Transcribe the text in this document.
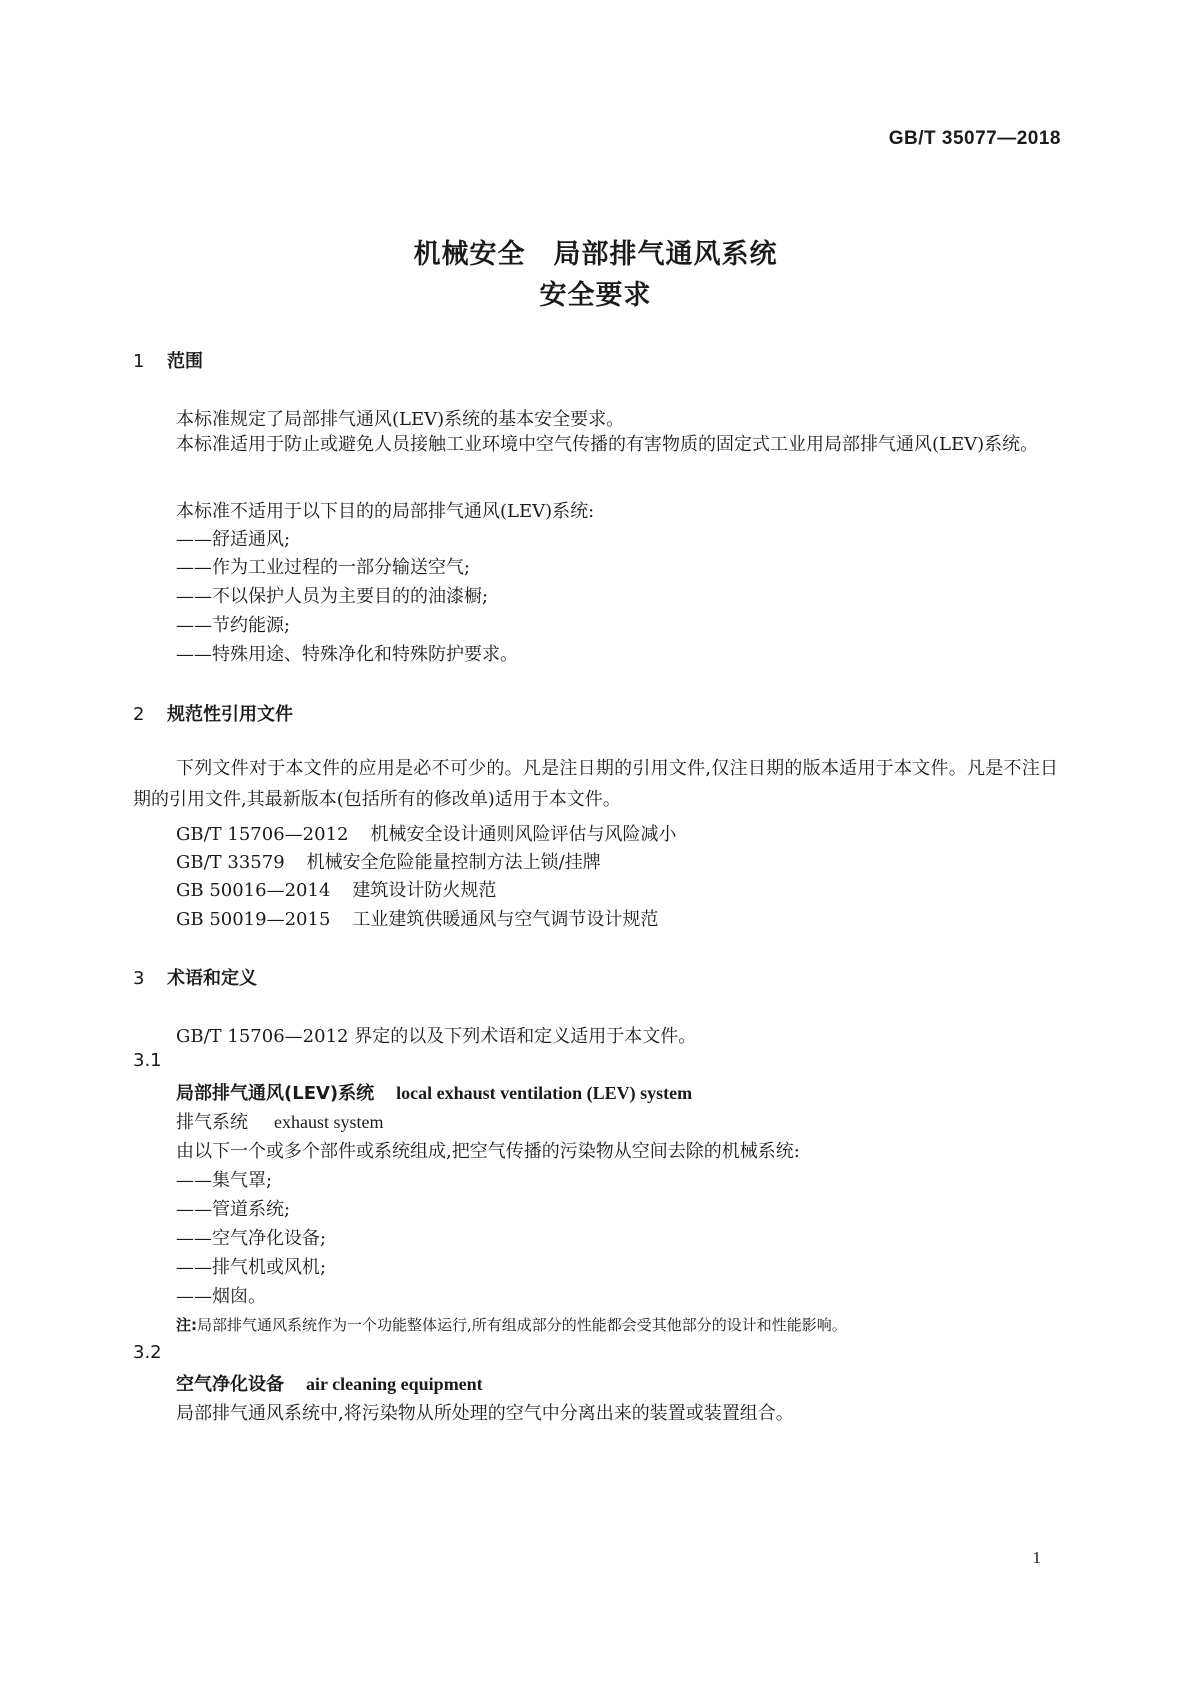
GB/T 35077—2018
机械安全　局部排气通风系统
安全要求
1 范围
本标准规定了局部排气通风(LEV)系统的基本安全要求。
本标准适用于防止或避免人员接触工业环境中空气传播的有害物质的固定式工业用局部排气通风(LEV)系统。
本标准不适用于以下目的的局部排气通风(LEV)系统:
——舒适通风;
——作为工业过程的一部分输送空气;
——不以保护人员为主要目的的油漆橱;
——节约能源;
——特殊用途、特殊净化和特殊防护要求。
2 规范性引用文件
下列文件对于本文件的应用是必不可少的。凡是注日期的引用文件,仅注日期的版本适用于本文件。凡是不注日期的引用文件,其最新版本(包括所有的修改单)适用于本文件。
GB/T 15706—2012 机械安全设计通则风险评估与风险减小
GB/T 33579 机械安全危险能量控制方法上锁/挂牌
GB 50016—2014 建筑设计防火规范
GB 50019—2015 工业建筑供暖通风与空气调节设计规范
3 术语和定义
GB/T 15706—2012 界定的以及下列术语和定义适用于本文件。
3.1
局部排气通风(LEV)系统 local exhaust ventilation (LEV) system
排气系统 exhaust system
由以下一个或多个部件或系统组成,把空气传播的污染物从空间去除的机械系统:
——集气罩;
——管道系统;
——空气净化设备;
——排气机或风机;
——烟囱。
注:局部排气通风系统作为一个功能整体运行,所有组成部分的性能都会受其他部分的设计和性能影响。
3.2
空气净化设备 air cleaning equipment
局部排气通风系统中,将污染物从所处理的空气中分离出来的装置或装置组合。
1
